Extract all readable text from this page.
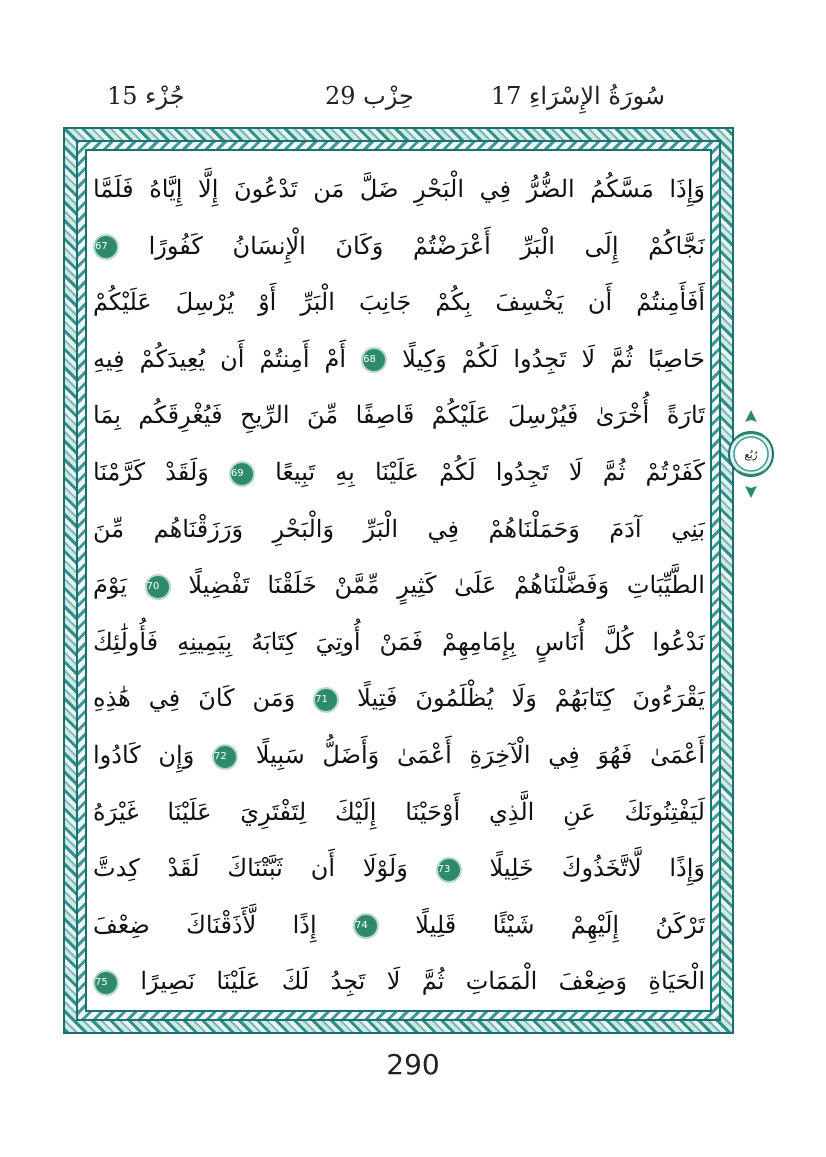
جُزْء 15	حِزْب 29	17 سُورَةُ الإِسْرَاءِ
وَإِذَا مَسَّكُمُ الضُّرُّ فِي الْبَحْرِ ضَلَّ مَن تَدْعُونَ إِلَّا إِيَّاهُ فَلَمَّا
نَجَّاكُمْ إِلَى الْبَرِّ أَعْرَضْتُمْ وَكَانَ الْإِنسَانُ كَفُورًا 67
أَفَأَمِنتُمْ أَن يَخْسِفَ بِكُمْ جَانِبَ الْبَرِّ أَوْ يُرْسِلَ عَلَيْكُمْ
حَاصِبًا ثُمَّ لَا تَجِدُوا لَكُمْ وَكِيلًا 68 أَمْ أَمِنتُمْ أَن يُعِيدَكُمْ فِيهِ
تَارَةً أُخْرَىٰ فَيُرْسِلَ عَلَيْكُمْ قَاصِفًا مِّنَ الرِّيحِ فَيُغْرِقَكُم بِمَا
كَفَرْتُمْ ثُمَّ لَا تَجِدُوا لَكُمْ عَلَيْنَا بِهِ تَبِيعًا 69 وَلَقَدْ كَرَّمْنَا
بَنِي آدَمَ وَحَمَلْنَاهُمْ فِي الْبَرِّ وَالْبَحْرِ وَرَزَقْنَاهُم مِّنَ
الطَّيِّبَاتِ وَفَضَّلْنَاهُمْ عَلَىٰ كَثِيرٍ مِّمَّنْ خَلَقْنَا تَفْضِيلًا 70 يَوْمَ
نَدْعُوا كُلَّ أُنَاسٍ بِإِمَامِهِمْ فَمَنْ أُوتِيَ كِتَابَهُ بِيَمِينِهِ فَأُولَٰئِكَ
يَقْرَءُونَ كِتَابَهُمْ وَلَا يُظْلَمُونَ فَتِيلًا 71 وَمَن كَانَ فِي هَٰذِهِ
أَعْمَىٰ فَهُوَ فِي الْآخِرَةِ أَعْمَىٰ وَأَضَلُّ سَبِيلًا 72 وَإِن كَادُوا
لَيَفْتِنُونَكَ عَنِ الَّذِي أَوْحَيْنَا إِلَيْكَ لِتَفْتَرِيَ عَلَيْنَا غَيْرَهُ
وَإِذًا لَّاتَّخَذُوكَ خَلِيلًا 73 وَلَوْلَا أَن ثَبَّتْنَاكَ لَقَدْ كِدتَّ
تَرْكَنُ إِلَيْهِمْ شَيْئًا قَلِيلًا 74 إِذًا لَّأَذَقْنَاكَ ضِعْفَ
الْحَيَاةِ وَضِعْفَ الْمَمَاتِ ثُمَّ لَا تَجِدُ لَكَ عَلَيْنَا نَصِيرًا 75
رُبُع
290
